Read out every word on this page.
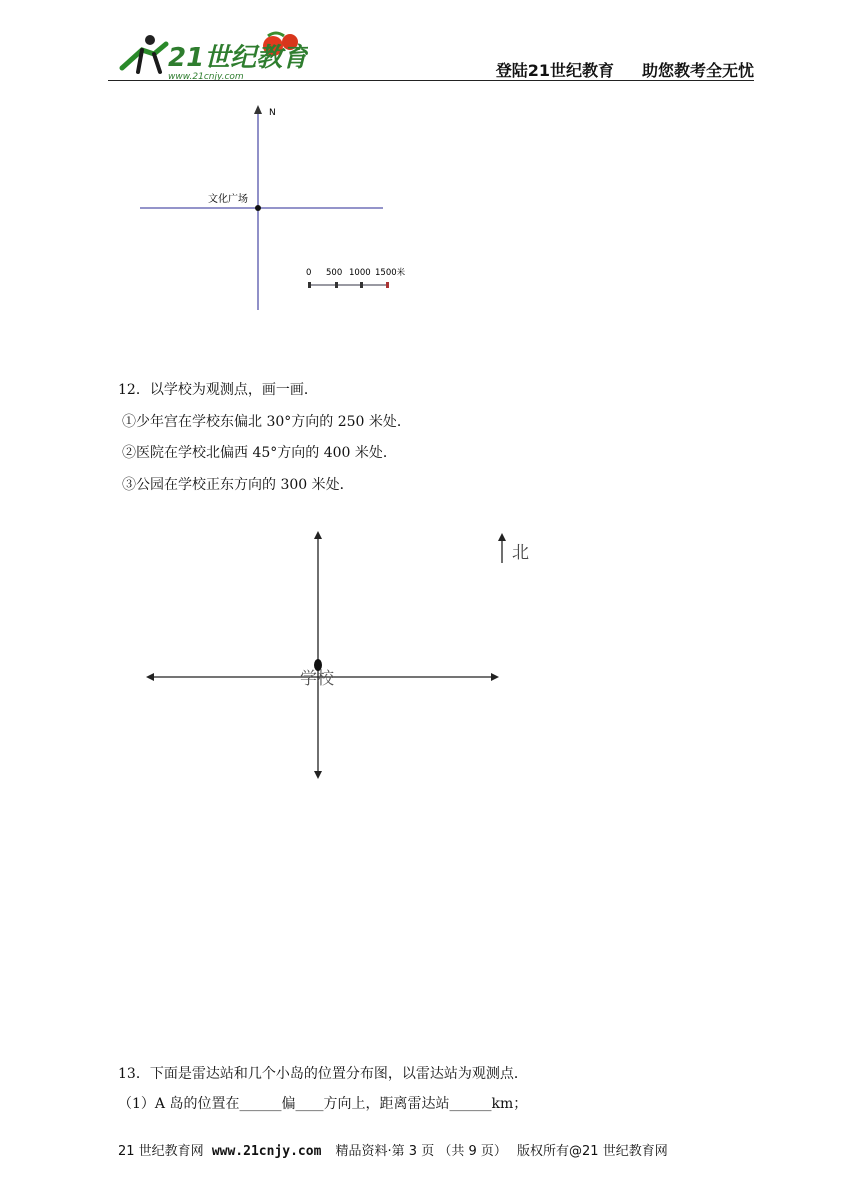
21世纪教育
www.21cnjy.com	登陆21世纪教育 助您教考全无忧
N
文化广场
0 500 1000 1500米
12．以学校为观测点，画一画．
①少年宫在学校东偏北 30°方向的 250 米处．
②医院在学校北偏西 45°方向的 400 米处．
③公园在学校正东方向的 300 米处．
学校
北
13．下面是雷达站和几个小岛的位置分布图，以雷达站为观测点．
（1）A 岛的位置在______偏____方向上，距离雷达站______km；
21 世纪教育网 www.21cnjy.com 精品资料·第 3 页 （共 9 页） 版权所有@21 世纪教育网
